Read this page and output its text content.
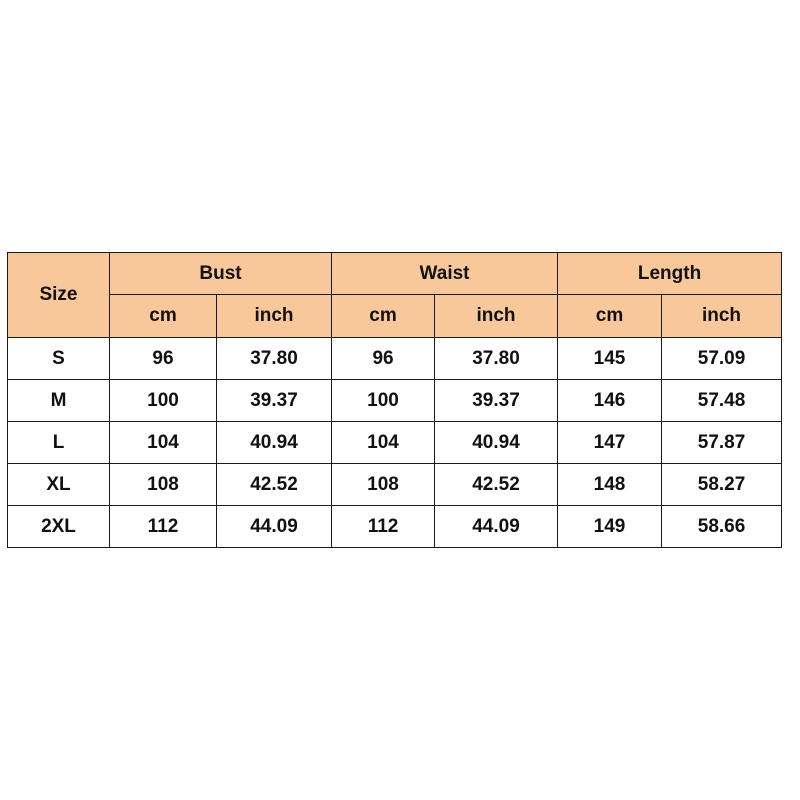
Size	Bust		Waist		Length	
	cm	inch	cm	inch	cm	inch
S	96	37.80	96	37.80	145	57.09
M	100	39.37	100	39.37	146	57.48
L	104	40.94	104	40.94	147	57.87
XL	108	42.52	108	42.52	148	58.27
2XL	112	44.09	112	44.09	149	58.66
